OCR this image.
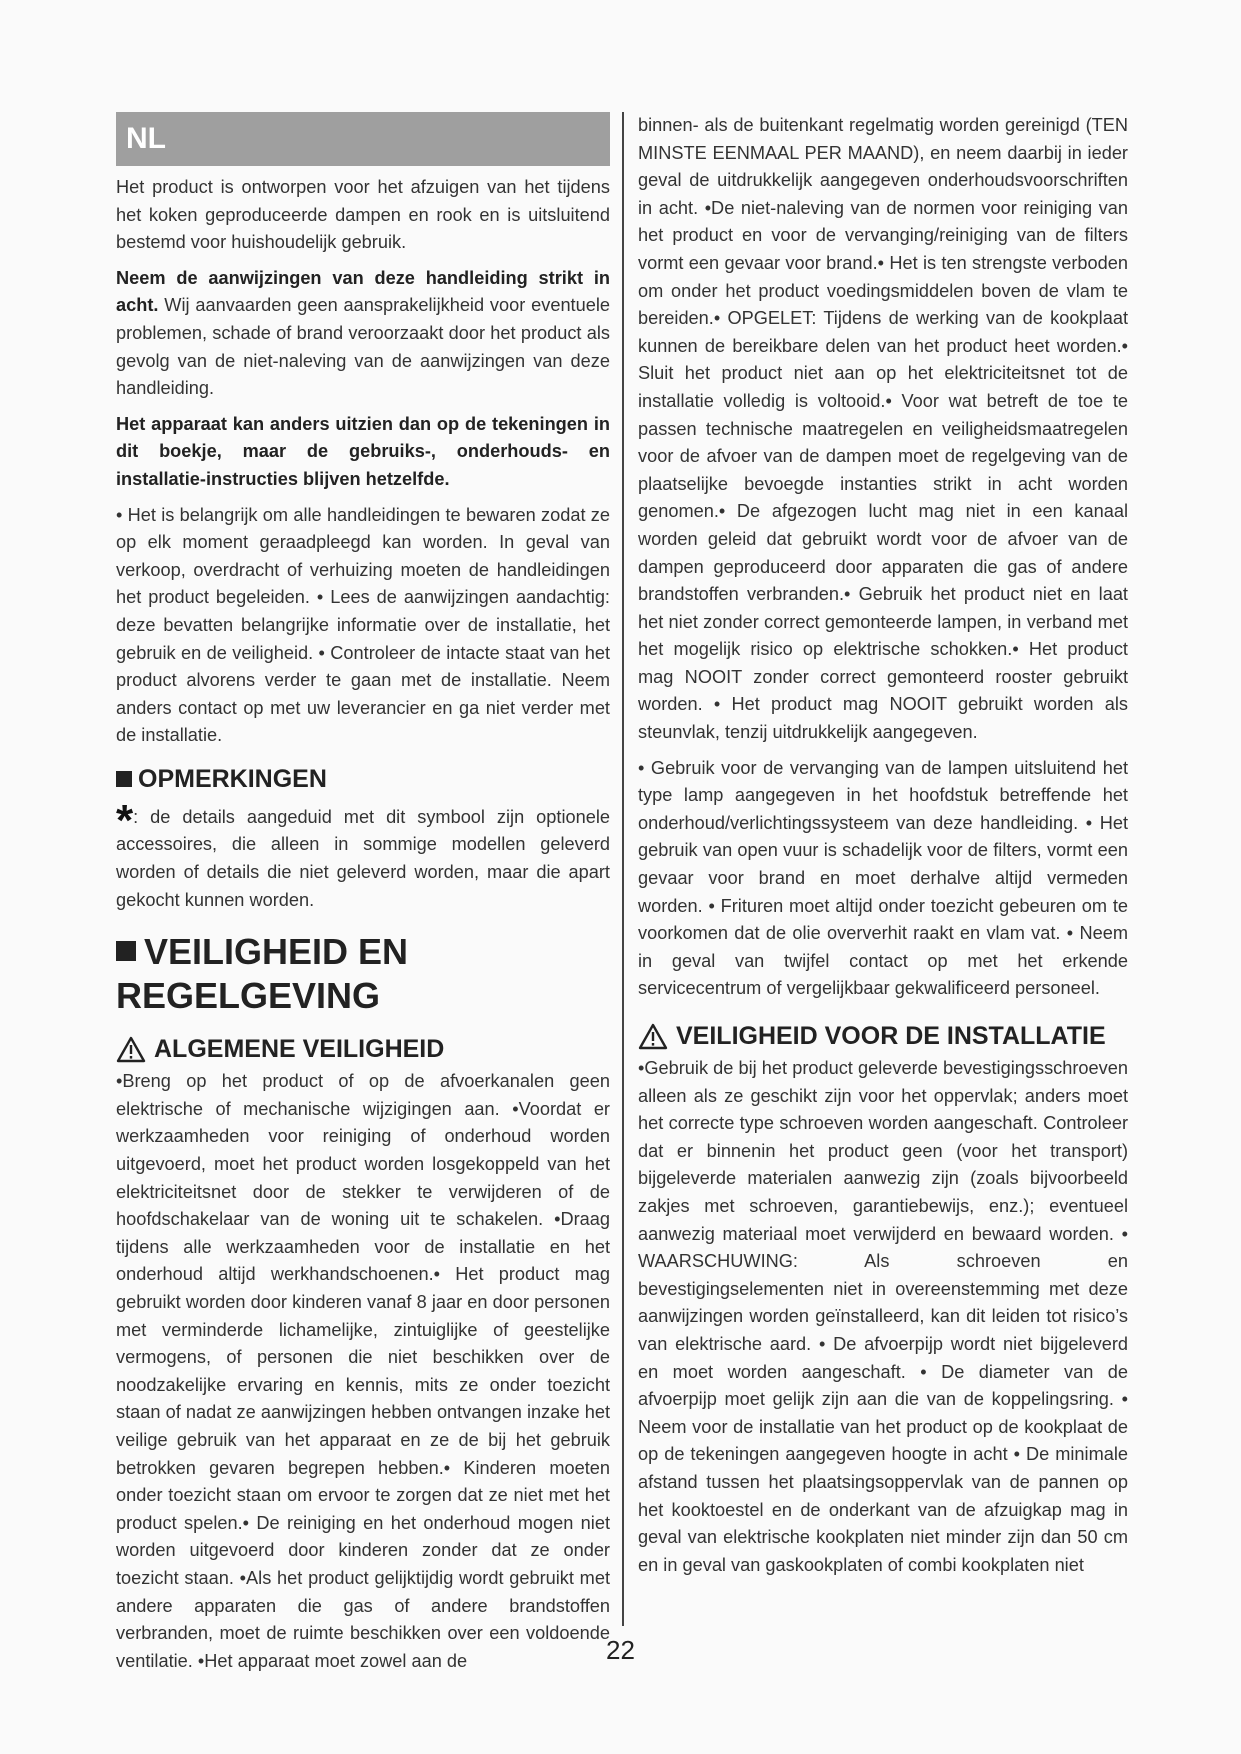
NL

Het product is ontworpen voor het afzuigen van het tijdens het koken geproduceerde dampen en rook en is uitsluitend bestemd voor huishoudelijk gebruik.

Neem de aanwijzingen van deze handleiding strikt in acht. Wij aanvaarden geen aansprakelijkheid voor eventuele problemen, schade of brand veroorzaakt door het product als gevolg van de niet-naleving van de aanwijzingen van deze handleiding.

Het apparaat kan anders uitzien dan op de tekeningen in dit boekje, maar de gebruiks-, onderhouds- en installatie-instructies blijven hetzelfde.

• Het is belangrijk om alle handleidingen te bewaren zodat ze op elk moment geraadpleegd kan worden. In geval van verkoop, overdracht of verhuizing moeten de handleidingen het product begeleiden. • Lees de aanwijzingen aandachtig: deze bevatten belangrijke informatie over de installatie, het gebruik en de veiligheid. • Controleer de intacte staat van het product alvorens verder te gaan met de installatie. Neem anders contact op met uw leverancier en ga niet verder met de installatie.

OPMERKINGEN

*: de details aangeduid met dit symbool zijn optionele accessoires, die alleen in sommige modellen geleverd worden of details die niet geleverd worden, maar die apart gekocht kunnen worden.

VEILIGHEID EN
REGELGEVING
ALGEMENE VEILIGHEID

•Breng op het product of op de afvoerkanalen geen elektrische of mechanische wijzigingen aan. •Voordat er werkzaamheden voor reiniging of onderhoud worden uitgevoerd, moet het product worden losgekoppeld van het elektriciteitsnet door de stekker te verwijderen of de hoofdschakelaar van de woning uit te schakelen. •Draag tijdens alle werkzaamheden voor de installatie en het onderhoud altijd werkhandschoenen.• Het product mag gebruikt worden door kinderen vanaf 8 jaar en door personen met verminderde lichamelijke, zintuiglijke of geestelijke vermogens, of personen die niet beschikken over de noodzakelijke ervaring en kennis, mits ze onder toezicht staan of nadat ze aanwijzingen hebben ontvangen inzake het veilige gebruik van het apparaat en ze de bij het gebruik betrokken gevaren begrepen hebben.• Kinderen moeten onder toezicht staan om ervoor te zorgen dat ze niet met het product spelen.• De reiniging en het onderhoud mogen niet worden uitgevoerd door kinderen zonder dat ze onder toezicht staan. •Als het product gelijktijdig wordt gebruikt met andere apparaten die gas of andere brandstoffen verbranden, moet de ruimte beschikken over een voldoende ventilatie. •Het apparaat moet zowel aan de

binnen- als de buitenkant regelmatig worden gereinigd (TEN MINSTE EENMAAL PER MAAND), en neem daarbij in ieder geval de uitdrukkelijk aangegeven onderhoudsvoorschriften in acht. •De niet-naleving van de normen voor reiniging van het product en voor de vervanging/reiniging van de filters vormt een gevaar voor brand.• Het is ten strengste verboden om onder het product voedingsmiddelen boven de vlam te bereiden.• OPGELET: Tijdens de werking van de kookplaat kunnen de bereikbare delen van het product heet worden.• Sluit het product niet aan op het elektriciteitsnet tot de installatie volledig is voltooid.• Voor wat betreft de toe te passen technische maatregelen en veiligheidsmaatregelen voor de afvoer van de dampen moet de regelgeving van de plaatselijke bevoegde instanties strikt in acht worden genomen.• De afgezogen lucht mag niet in een kanaal worden geleid dat gebruikt wordt voor de afvoer van de dampen geproduceerd door apparaten die gas of andere brandstoffen verbranden.• Gebruik het product niet en laat het niet zonder correct gemonteerde lampen, in verband met het mogelijk risico op elektrische schokken.• Het product mag NOOIT zonder correct gemonteerd rooster gebruikt worden. • Het product mag NOOIT gebruikt worden als steunvlak, tenzij uitdrukkelijk aangegeven.

• Gebruik voor de vervanging van de lampen uitsluitend het type lamp aangegeven in het hoofdstuk betreffende het onderhoud/verlichtingssysteem van deze handleiding. • Het gebruik van open vuur is schadelijk voor de filters, vormt een gevaar voor brand en moet derhalve altijd vermeden worden. • Frituren moet altijd onder toezicht gebeuren om te voorkomen dat de olie oververhit raakt en vlam vat. • Neem in geval van twijfel contact op met het erkende servicecentrum of vergelijkbaar gekwalificeerd personeel.

VEILIGHEID VOOR DE INSTALLATIE

•Gebruik de bij het product geleverde bevestigingsschroeven alleen als ze geschikt zijn voor het oppervlak; anders moet het correcte type schroeven worden aangeschaft. Controleer dat er binnenin het product geen (voor het transport) bijgeleverde materialen aanwezig zijn (zoals bijvoorbeeld zakjes met schroeven, garantiebewijs, enz.); eventueel aanwezig materiaal moet verwijderd en bewaard worden. • WAARSCHUWING: Als schroeven en bevestigingselementen niet in overeenstemming met deze aanwijzingen worden geïnstalleerd, kan dit leiden tot risico’s van elektrische aard. • De afvoerpijp wordt niet bijgeleverd en moet worden aangeschaft. • De diameter van de afvoerpijp moet gelijk zijn aan die van de koppelingsring. • Neem voor de installatie van het product op de kookplaat de op de tekeningen aangegeven hoogte in acht • De minimale afstand tussen het plaatsingsoppervlak van de pannen op het kooktoestel en de onderkant van de afzuigkap mag in geval van elektrische kookplaten niet minder zijn dan 50 cm en in geval van gaskookplaten of combi kookplaten niet

22
